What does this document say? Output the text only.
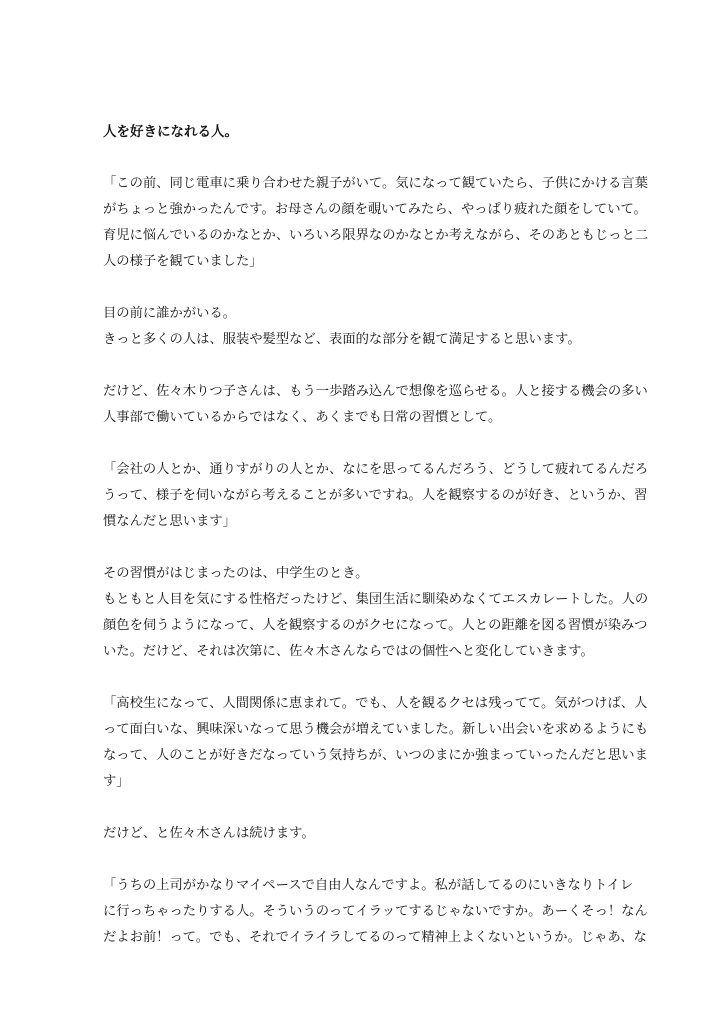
人を好きになれる人。
「この前、同じ電車に乗り合わせた親子がいて。気になって観ていたら、子供にかける言葉
がちょっと強かったんです。お母さんの顔を覗いてみたら、やっぱり疲れた顔をしていて。
育児に悩んでいるのかなとか、いろいろ限界なのかなとか考えながら、そのあともじっと二
人の様子を観ていました」
目の前に誰かがいる。
きっと多くの人は、服装や髪型など、表面的な部分を観て満足すると思います。
だけど、佐々木りつ子さんは、もう一歩踏み込んで想像を巡らせる。人と接する機会の多い
人事部で働いているからではなく、あくまでも日常の習慣として。
「会社の人とか、通りすがりの人とか、なにを思ってるんだろう、どうして疲れてるんだろ
うって、様子を伺いながら考えることが多いですね。人を観察するのが好き、というか、習
慣なんだと思います」
その習慣がはじまったのは、中学生のとき。
もともと人目を気にする性格だったけど、集団生活に馴染めなくてエスカレートした。人の
顔色を伺うようになって、人を観察するのがクセになって。人との距離を図る習慣が染みつ
いた。だけど、それは次第に、佐々木さんならではの個性へと変化していきます。
「高校生になって、人間関係に恵まれて。でも、人を観るクセは残ってて。気がつけば、人
って面白いな、興味深いなって思う機会が増えていました。新しい出会いを求めるようにも
なって、人のことが好きだなっていう気持ちが、いつのまにか強まっていったんだと思いま
す」
だけど、と佐々木さんは続けます。
「うちの上司がかなりマイペースで自由人なんですよ。私が話してるのにいきなりトイレ
に行っちゃったりする人。そういうのってイラッてするじゃないですか。あーくそっ！なん
だよお前！って。でも、それでイライラしてるのって精神上よくないというか。じゃあ、な
